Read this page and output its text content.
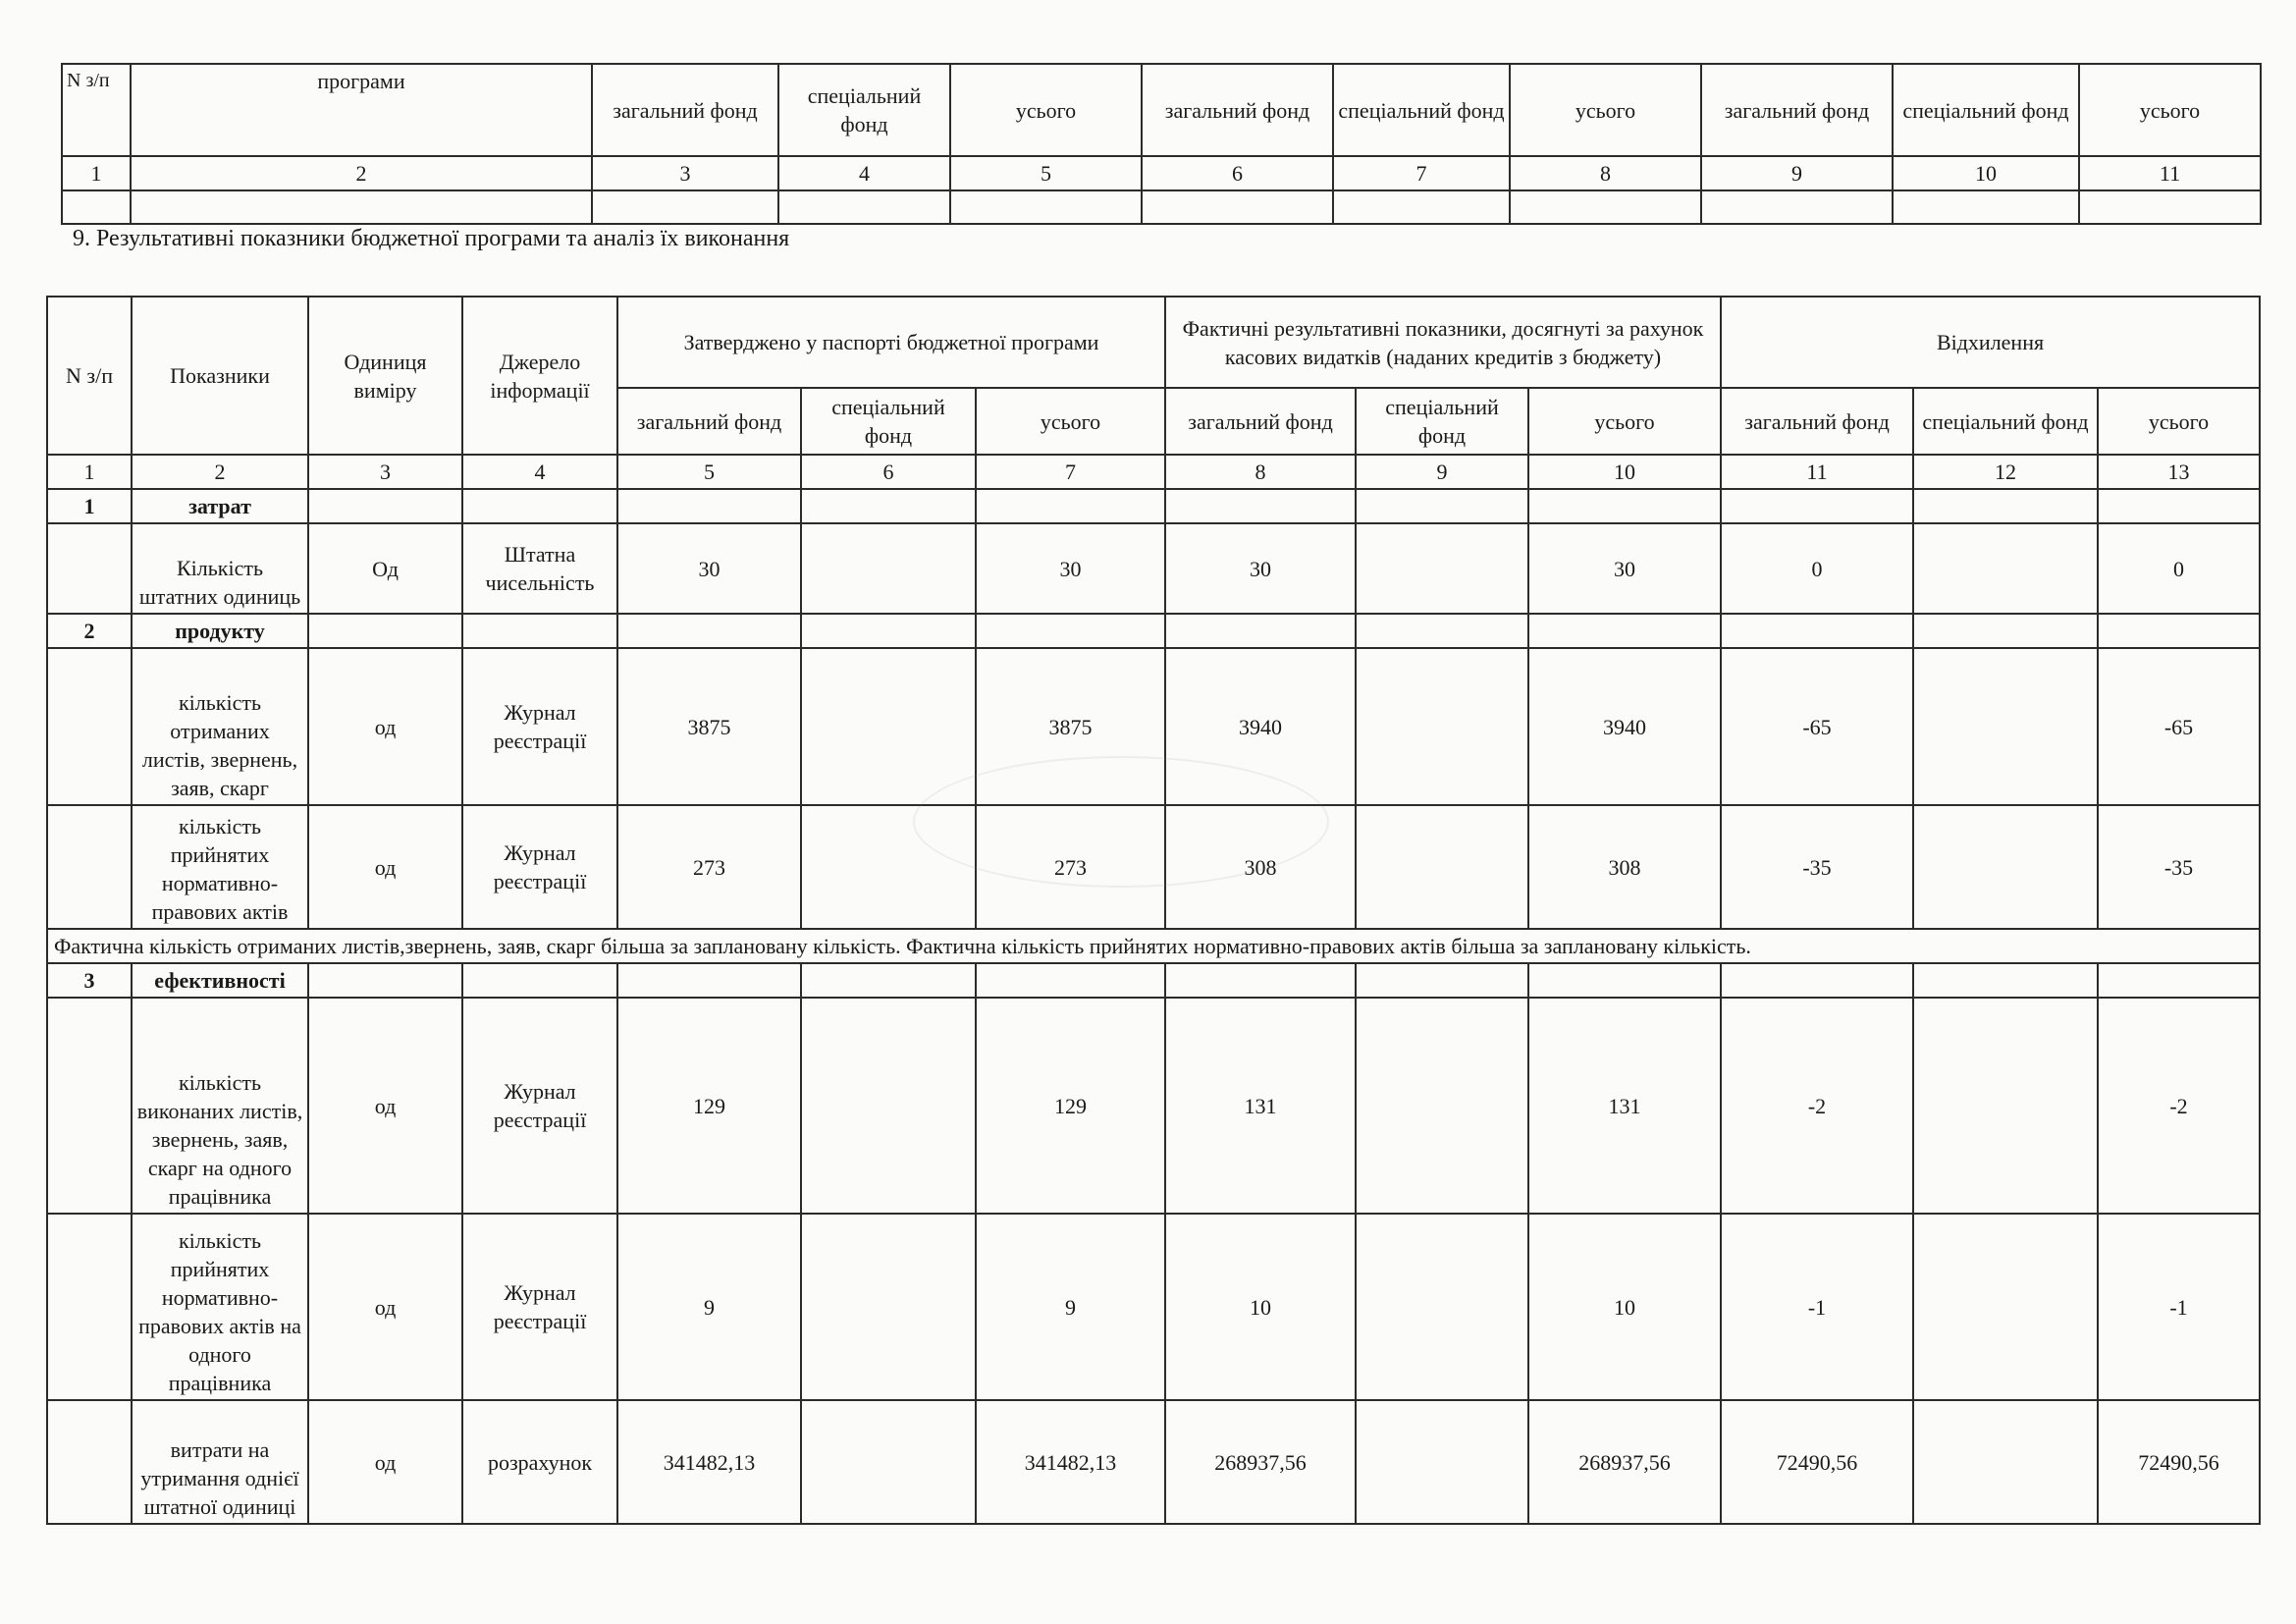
N з/п	програми	загальний фонд	спеціальний фонд	усього	загальний фонд	спеціальний фонд	усього	загальний фонд	спеціальний фонд	усього
1	2	3	4	5	6	7	8	9	10	11

9. Результативні показники бюджетної програми та аналіз їх виконання
N з/п	Показники	Одиниця виміру	Джерело інформації	Затверджено у паспорті бюджетної програми			Фактичні результативні показники, досягнуті за рахунок касових видатків (наданих кредитів з бюджету)			Відхилення		
				загальний фонд	спеціальний фонд	усього	загальний фонд	спеціальний фонд	усього	загальний фонд	спеціальний фонд	усього
1	2	3	4	5	6	7	8	9	10	11	12	13
1	затрат											
	Кількість штатних одиниць	Од	Штатна чисельність	30		30	30		30	0		0
2	продукту											
	кількість отриманих листів, звернень, заяв, скарг	од	Журнал реєстрації	3875		3875	3940		3940	-65		-65
	кількість прийнятих нормативно-правових актів	од	Журнал реєстрації	273		273	308		308	-35		-35
Фактична кількість отриманих листів,звернень, заяв, скарг більша за заплановану кількість. Фактична кількість прийнятих нормативно-правових актів більша за заплановану кількість.												
3	ефективності											
	кількість виконаних листів, звернень, заяв, скарг на одного працівника	од	Журнал реєстрації	129		129	131		131	-2		-2
	кількість прийнятих нормативно-правових актів на одного працівника	од	Журнал реєстрації	9		9	10		10	-1		-1
	витрати на утримання однієї штатної одиниці	од	розрахунок	341482,13		341482,13	268937,56		268937,56	72490,56		72490,56
